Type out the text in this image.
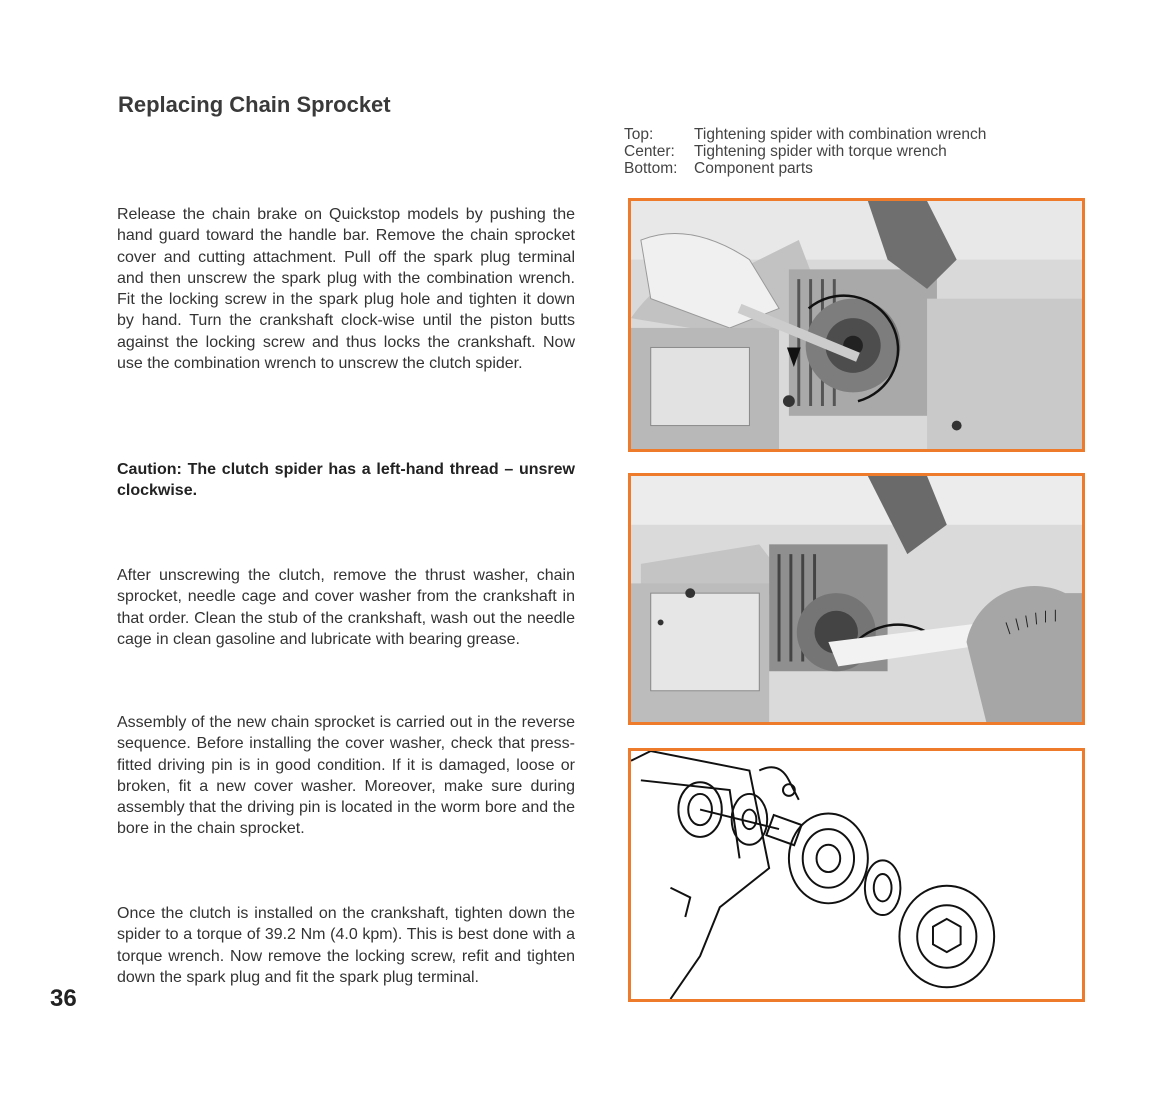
Replacing Chain Sprocket
Top:	Tightening spider with combination wrench
Center:	Tightening spider with torque wrench
Bottom:	Component parts

Release the chain brake on Quickstop models by pushing the hand guard toward the handle bar. Remove the chain sprocket cover and cutting attachment. Pull off the spark plug terminal and then unscrew the spark plug with the combination wrench. Fit the locking screw in the spark plug hole and tighten it down by hand. Turn the crankshaft clock-wise until the piston butts against the locking screw and thus locks the crankshaft. Now use the combination wrench to unscrew the clutch spider.

Caution: The clutch spider has a left-hand thread – unsrew clockwise.

After unscrewing the clutch, remove the thrust washer, chain sprocket, needle cage and cover washer from the crankshaft in that order. Clean the stub of the crankshaft, wash out the needle cage in clean gasoline and lubricate with bearing grease.

Assembly of the new chain sprocket is carried out in the reverse sequence. Before installing the cover washer, check that press-fitted driving pin is in good condition. If it is damaged, loose or broken, fit a new cover washer. Moreover, make sure during assembly that the driving pin is located in the worm bore and the bore in the chain sprocket.

Once the clutch is installed on the crankshaft, tighten down the spider to a torque of 39.2 Nm (4.0 kpm). This is best done with a torque wrench. Now remove the locking screw, refit and tighten down the spark plug and fit the spark plug terminal.

36
